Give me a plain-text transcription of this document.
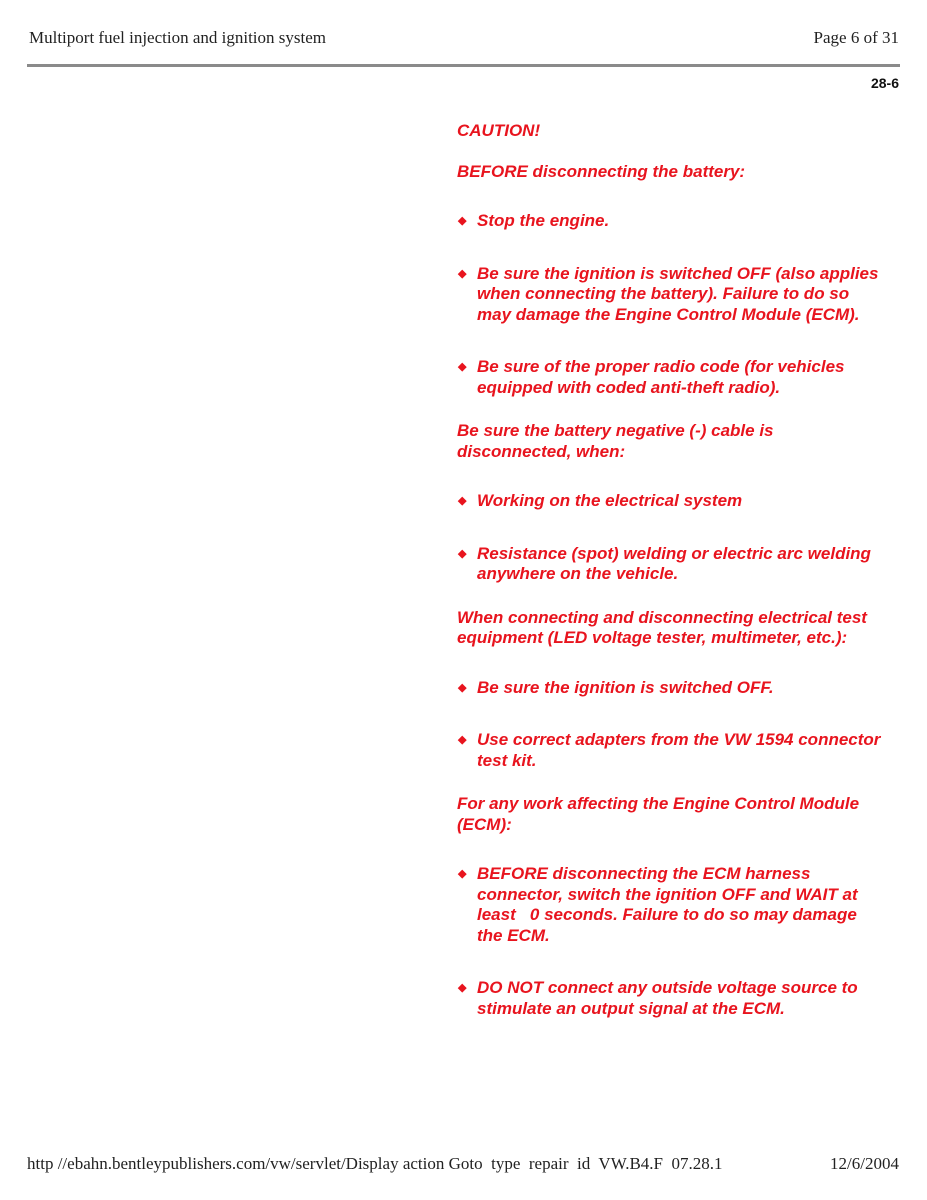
Multiport fuel injection and ignition system	Page 6 of 31
28-6

CAUTION!

BEFORE disconnecting the battery:

◆ Stop the engine.
◆ Be sure the ignition is switched OFF (also applies when connecting the battery). Failure to do so may damage the Engine Control Module (ECM).
◆ Be sure of the proper radio code (for vehicles equipped with coded anti-theft radio).

Be sure the battery negative (-) cable is disconnected, when:

◆ Working on the electrical system
◆ Resistance (spot) welding or electric arc welding anywhere on the vehicle.

When connecting and disconnecting electrical test equipment (LED voltage tester, multimeter, etc.):

◆ Be sure the ignition is switched OFF.
◆ Use correct adapters from the VW 1594 connector test kit.

For any work affecting the Engine Control Module (ECM):

◆ BEFORE disconnecting the ECM harness connector, switch the ignition OFF and WAIT at least   0 seconds. Failure to do so may damage the ECM.
◆ DO NOT connect any outside voltage source to stimulate an output signal at the ECM.
http //ebahn.bentleypublishers.com/vw/servlet/Display action Goto  type  repair  id  VW.B4.F  07.28.1	12/6/2004
